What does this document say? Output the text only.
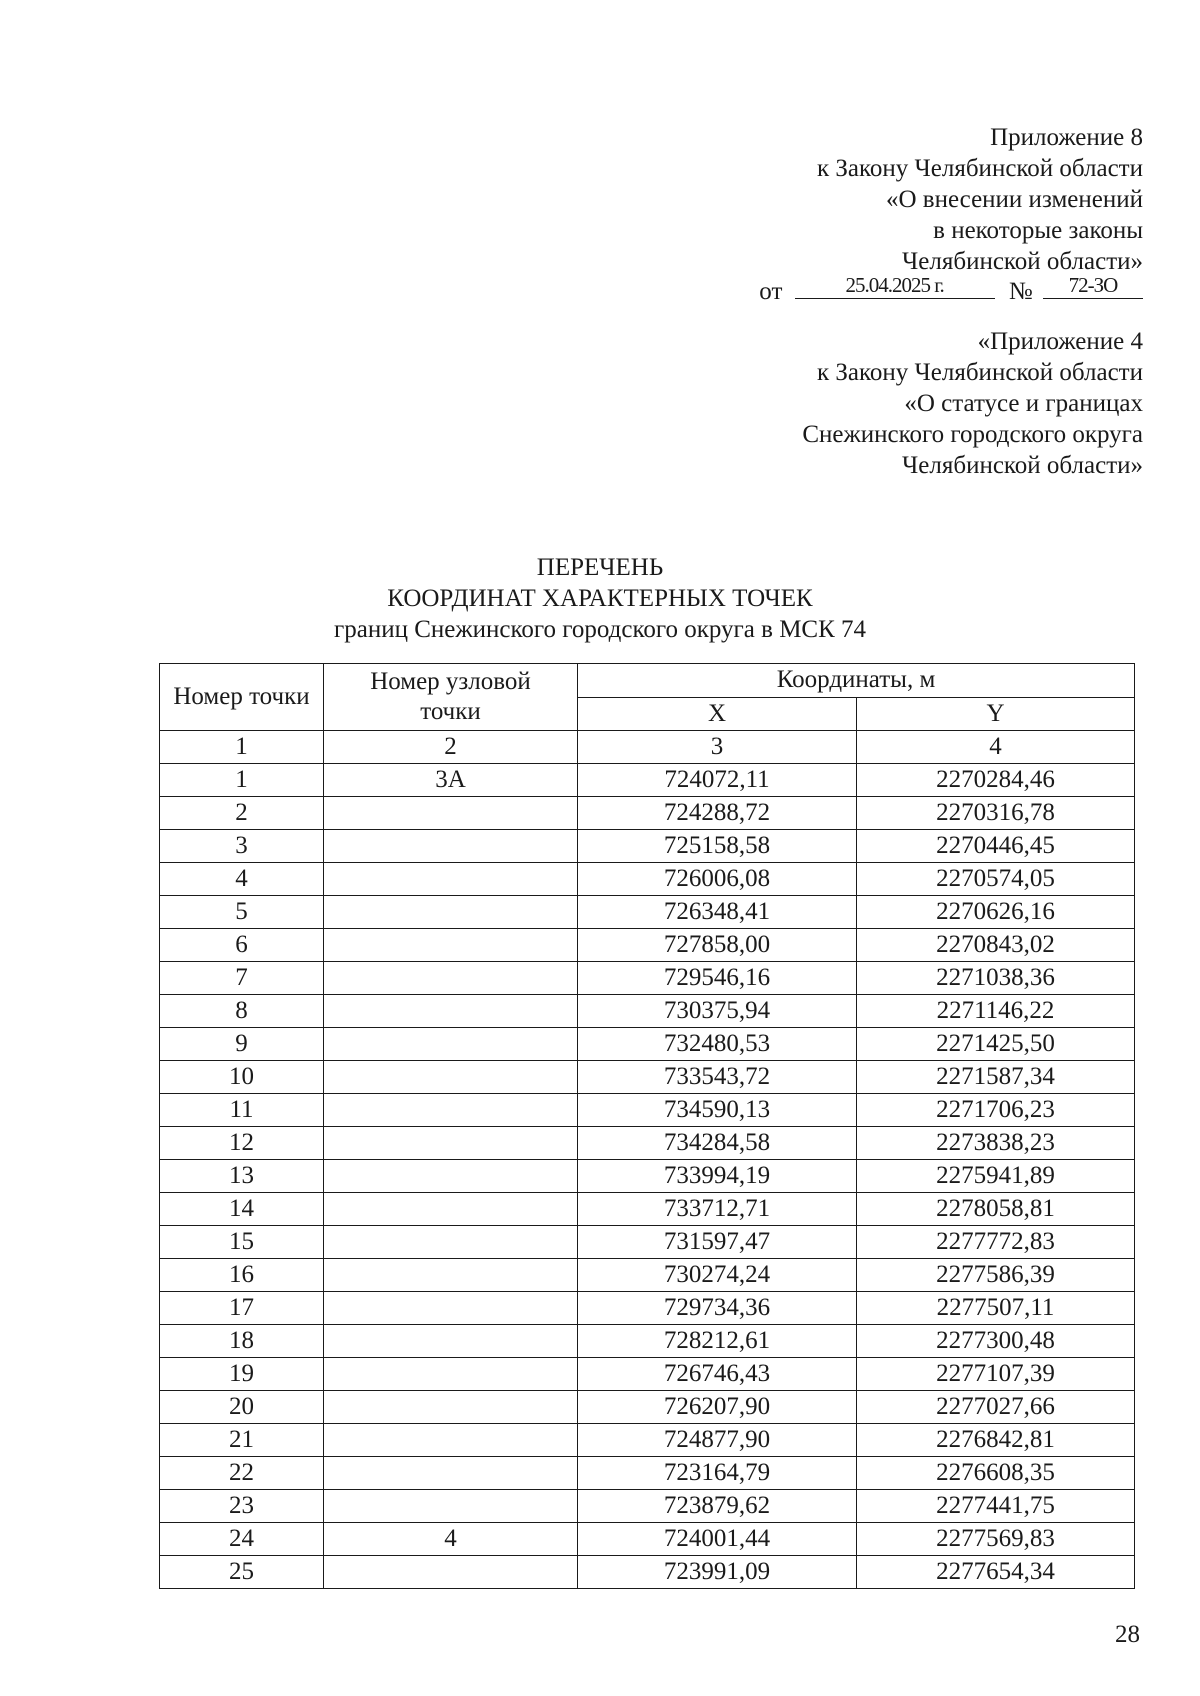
Приложение 8
к Закону Челябинской области
«О внесении изменений
в некоторые законы
Челябинской области»
от	25.04.2025 г.	№	72-ЗО
«Приложение 4
к Закону Челябинской области
«О статусе и границах
Снежинского городского округа
Челябинской области»
ПЕРЕЧЕНЬ
КООРДИНАТ ХАРАКТЕРНЫХ ТОЧЕК
границ Снежинского городского округа в МСК 74
Номер точки	Номер узловой точки	Координаты, м	
		X	Y
1	2	3	4
1	3А	724072,11	2270284,46
2		724288,72	2270316,78
3		725158,58	2270446,45
4		726006,08	2270574,05
5		726348,41	2270626,16
6		727858,00	2270843,02
7		729546,16	2271038,36
8		730375,94	2271146,22
9		732480,53	2271425,50
10		733543,72	2271587,34
11		734590,13	2271706,23
12		734284,58	2273838,23
13		733994,19	2275941,89
14		733712,71	2278058,81
15		731597,47	2277772,83
16		730274,24	2277586,39
17		729734,36	2277507,11
18		728212,61	2277300,48
19		726746,43	2277107,39
20		726207,90	2277027,66
21		724877,90	2276842,81
22		723164,79	2276608,35
23		723879,62	2277441,75
24	4	724001,44	2277569,83
25		723991,09	2277654,34
28
